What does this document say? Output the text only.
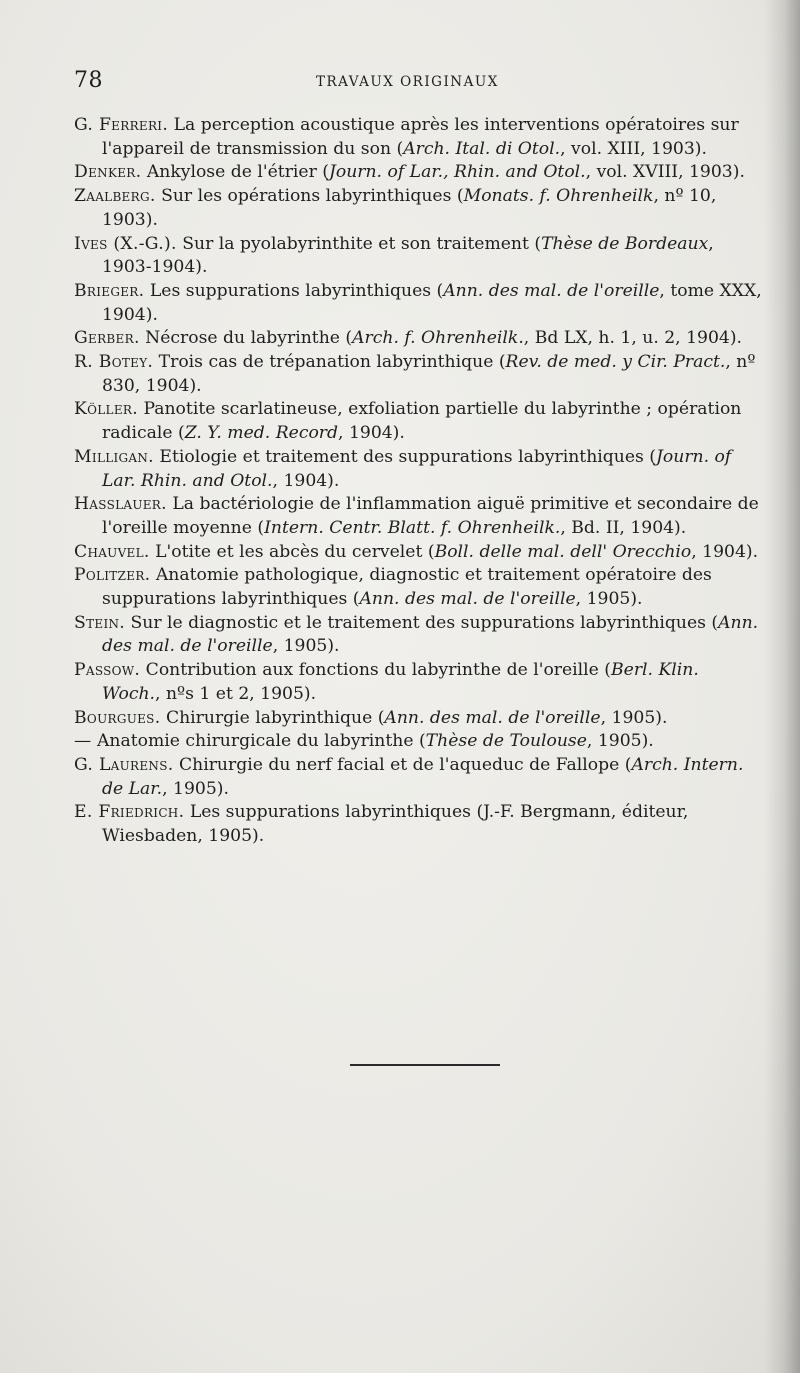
78	TRAVAUX ORIGINAUX

G. Ferreri. La perception acoustique après les interventions opératoires sur l'appareil de transmission du son (Arch. Ital. di Otol., vol. XIII, 1903).

Denker. Ankylose de l'étrier (Journ. of Lar., Rhin. and Otol., vol. XVIII, 1903).

Zaalberg. Sur les opérations labyrinthiques (Monats. f. Ohrenheilk, nº 10, 1903).

Ives (X.-G.). Sur la pyolabyrinthite et son traitement (Thèse de Bordeaux, 1903-1904).

Brieger. Les suppurations labyrinthiques (Ann. des mal. de l'oreille, tome XXX, 1904).

Gerber. Nécrose du labyrinthe (Arch. f. Ohrenheilk., Bd LX, h. 1, u. 2, 1904).

R. Botey. Trois cas de trépanation labyrinthique (Rev. de med. y Cir. Pract., nº 830, 1904).

Köller. Panotite scarlatineuse, exfoliation partielle du labyrinthe ; opération radicale (Z. Y. med. Record, 1904).

Milligan. Etiologie et traitement des suppurations labyrinthiques (Journ. of Lar. Rhin. and Otol., 1904).

Hasslauer. La bactériologie de l'inflammation aiguë primitive et secondaire de l'oreille moyenne (Intern. Centr. Blatt. f. Ohrenheilk., Bd. II, 1904).

Chauvel. L'otite et les abcès du cervelet (Boll. delle mal. dell' Orecchio, 1904).

Politzer. Anatomie pathologique, diagnostic et traitement opératoire des suppurations labyrinthiques (Ann. des mal. de l'oreille, 1905).

Stein. Sur le diagnostic et le traitement des suppurations labyrinthiques (Ann. des mal. de l'oreille, 1905).

Passow. Contribution aux fonctions du labyrinthe de l'oreille (Berl. Klin. Woch., nºs 1 et 2, 1905).

Bourgues. Chirurgie labyrinthique (Ann. des mal. de l'oreille, 1905).

— Anatomie chirurgicale du labyrinthe (Thèse de Toulouse, 1905).

G. Laurens. Chirurgie du nerf facial et de l'aqueduc de Fallope (Arch. Intern. de Lar., 1905).

E. Friedrich. Les suppurations labyrinthiques (J.-F. Bergmann, éditeur, Wiesbaden, 1905).
